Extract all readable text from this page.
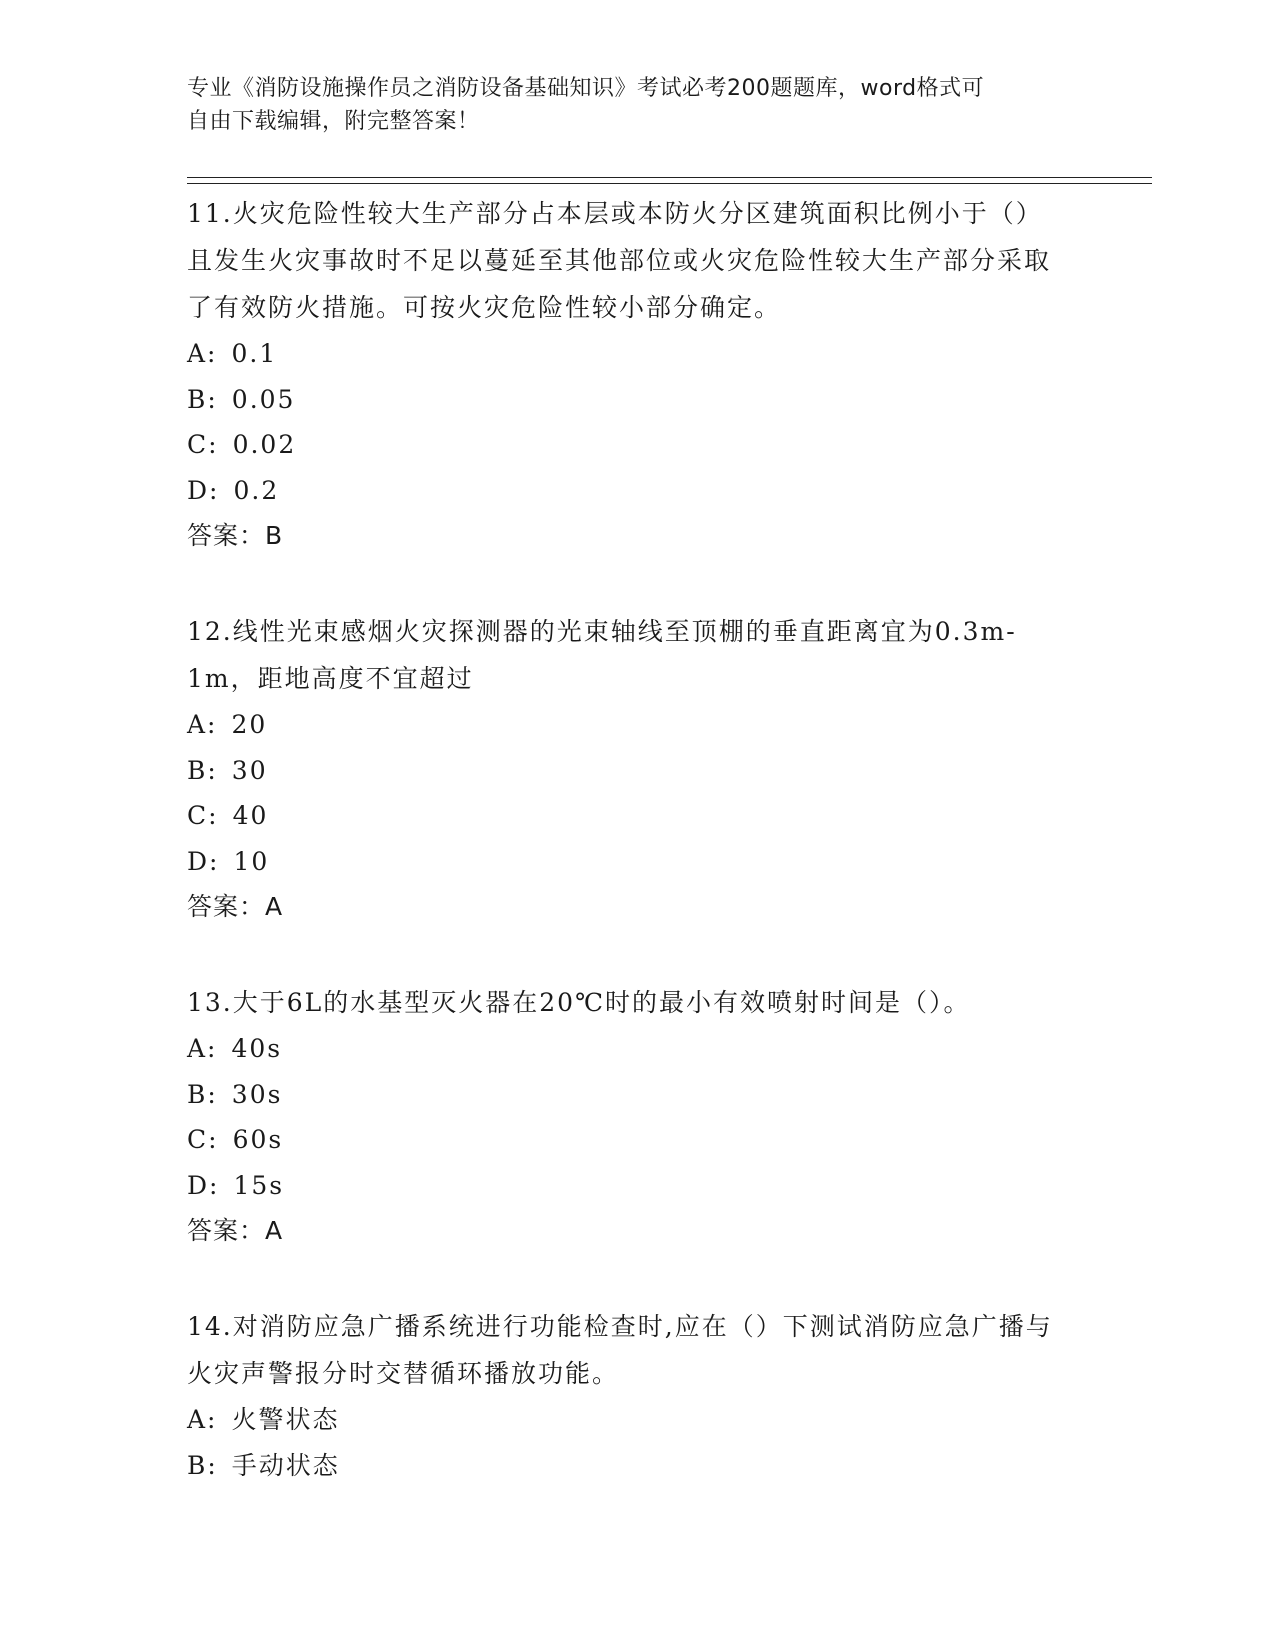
专业《消防设施操作员之消防设备基础知识》考试必考200题题库，word格式可
自由下载编辑，附完整答案！
11.火灾危险性较大生产部分占本层或本防火分区建筑面积比例小于（）且发生火灾事故时不足以蔓延至其他部位或火灾危险性较大生产部分采取了有效防火措施。可按火灾危险性较小部分确定。
A: 0.1
B: 0.05
C: 0.02
D: 0.2
答案：B
12.线性光束感烟火灾探测器的光束轴线至顶棚的垂直距离宜为0.3m-1m，距地高度不宜超过
A: 20
B: 30
C: 40
D: 10
答案：A
13.大于6L的水基型灭火器在20℃时的最小有效喷射时间是（）。
A: 40s
B: 30s
C: 60s
D: 15s
答案：A
14.对消防应急广播系统进行功能检查时,应在（）下测试消防应急广播与火灾声警报分时交替循环播放功能。
A: 火警状态
B: 手动状态
